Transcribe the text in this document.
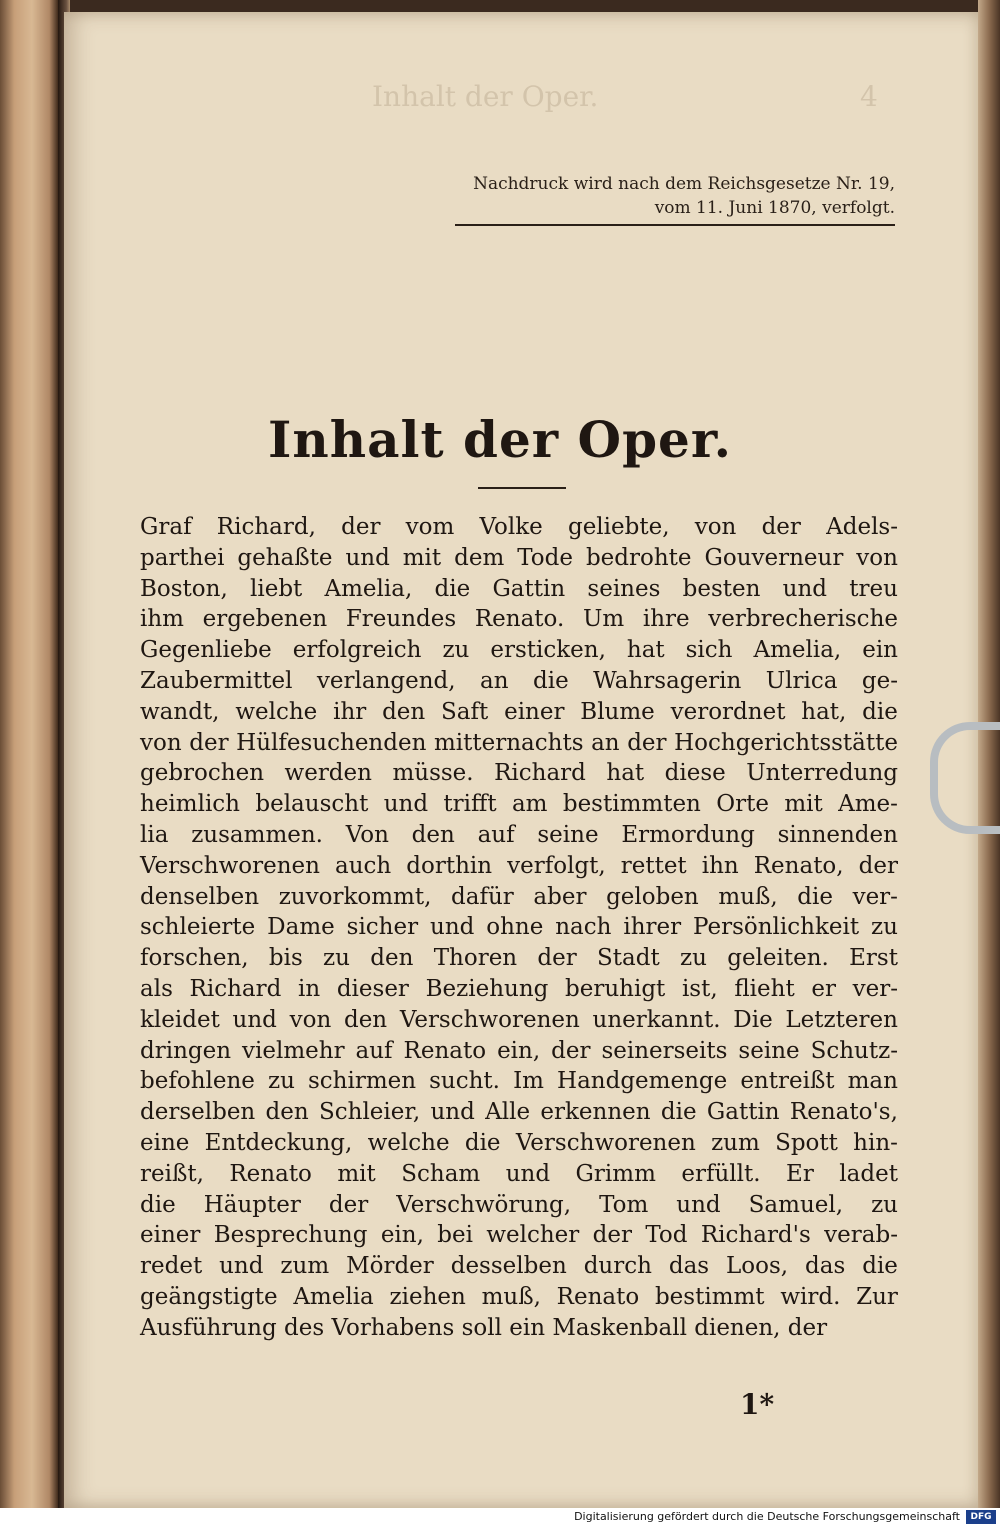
4
Inhalt der Oper.
Nachdruck wird nach dem Reichsgesetze Nr. 19,
vom 11. Juni 1870, verfolgt.
Inhalt der Oper.
Graf Richard, der vom Volke geliebte, von der Adels-
parthei gehaßte und mit dem Tode bedrohte Gouverneur von
Boston, liebt Amelia, die Gattin seines besten und treu
ihm ergebenen Freundes Renato. Um ihre verbrecherische
Gegenliebe erfolgreich zu ersticken, hat sich Amelia, ein
Zaubermittel verlangend, an die Wahrsagerin Ulrica ge-
wandt, welche ihr den Saft einer Blume verordnet hat, die
von der Hülfesuchenden mitternachts an der Hochgerichtsstätte
gebrochen werden müsse. Richard hat diese Unterredung
heimlich belauscht und trifft am bestimmten Orte mit Ame-
lia zusammen. Von den auf seine Ermordung sinnenden
Verschworenen auch dorthin verfolgt, rettet ihn Renato, der
denselben zuvorkommt, dafür aber geloben muß, die ver-
schleierte Dame sicher und ohne nach ihrer Persönlichkeit zu
forschen, bis zu den Thoren der Stadt zu geleiten. Erst
als Richard in dieser Beziehung beruhigt ist, flieht er ver-
kleidet und von den Verschworenen unerkannt. Die Letzteren
dringen vielmehr auf Renato ein, der seinerseits seine Schutz-
befohlene zu schirmen sucht. Im Handgemenge entreißt man
derselben den Schleier, und Alle erkennen die Gattin Renato's,
eine Entdeckung, welche die Verschworenen zum Spott hin-
reißt, Renato mit Scham und Grimm erfüllt. Er ladet
die Häupter der Verschwörung, Tom und Samuel, zu
einer Besprechung ein, bei welcher der Tod Richard's verab-
redet und zum Mörder desselben durch das Loos, das die
geängstigte Amelia ziehen muß, Renato bestimmt wird. Zur
Ausführung des Vorhabens soll ein Maskenball dienen, der
1*
Digitalisierung gefördert durch die Deutsche Forschungsgemeinschaft	DFG
